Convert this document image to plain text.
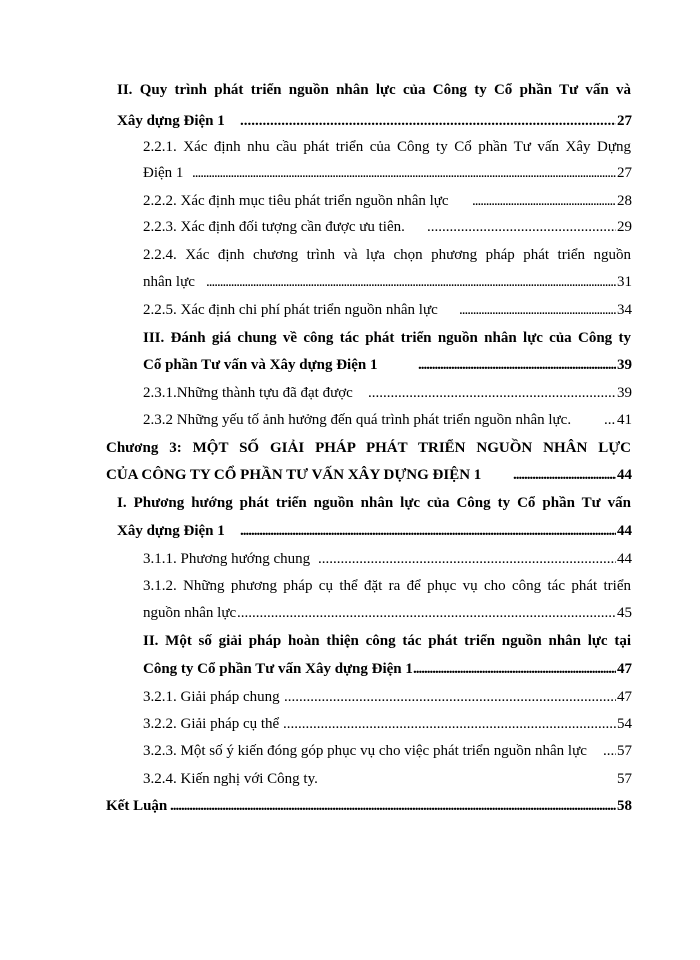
II. Quy trình phát triển nguồn nhân lực của Công ty Cổ phần Tư vấn và
Xây dựng Điện 1 .....	27
2.2.1. Xác định nhu cầu phát triển của Công ty Cổ phần Tư vấn Xây Dựng
Điện 1 .....	27
2.2.2. Xác định mục tiêu phát triển nguồn nhân lực .....	28
2.2.3. Xác định đối tượng cần được ưu tiên. .....	29
2.2.4. Xác định chương trình và lựa chọn phương pháp phát triển nguồn
nhân lực .....	31
2.2.5. Xác định chi phí phát triển nguồn nhân lực .....	34
III. Đánh giá chung về công tác phát triển nguồn nhân lực của Công ty
Cổ phần Tư vấn và Xây dựng Điện 1 .....	39
2.3.1.Những thành tựu đã đạt được .....	39
2.3.2 Những yếu tố ảnh hưởng đến quá trình phát triển nguồn nhân lực. .....	41
Chương 3: MỘT SỐ GIẢI PHÁP PHÁT TRIỂN NGUỒN NHÂN LỰC
CỦA CÔNG TY CỔ PHẦN TƯ VẤN XÂY DỰNG ĐIỆN 1 .....	44
I. Phương hướng phát triển nguồn nhân lực của Công ty Cổ phần Tư vấn
Xây dựng Điện 1 .....	44
3.1.1. Phương hướng chung .....	44
3.1.2. Những phương pháp cụ thể đặt ra để phục vụ cho công tác phát triển
nguồn nhân lực .....	45
II. Một số giải pháp hoàn thiện công tác phát triển nguồn nhân lực tại
Công ty Cổ phần Tư vấn Xây dựng Điện 1 .....	47
3.2.1. Giải pháp chung .....	47
3.2.2. Giải pháp cụ thể .....	54
3.2.3. Một số ý kiến đóng góp phục vụ cho việc phát triển nguồn nhân lực ..... 57
3.2.4. Kiến nghị với Công ty.	57
Kết Luận .....	58
